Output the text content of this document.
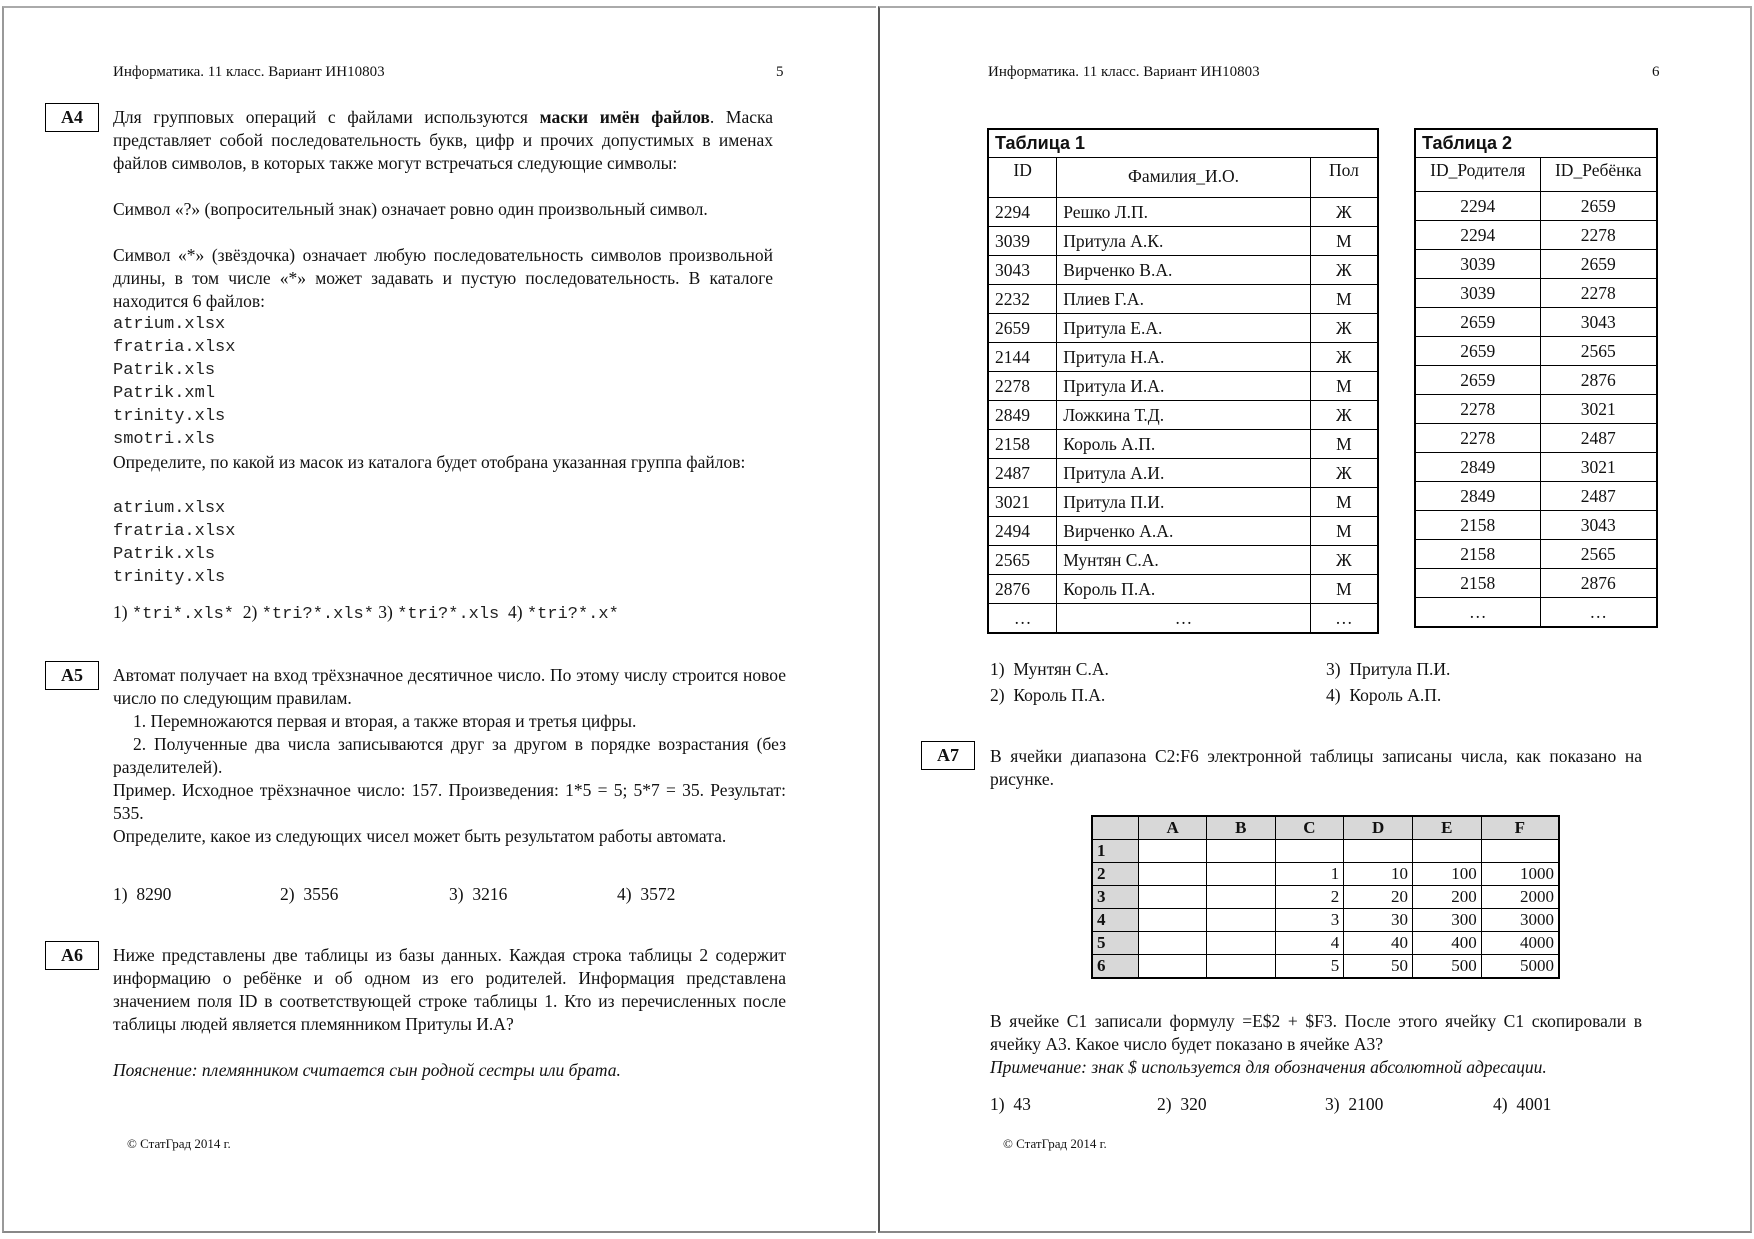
Информатика. 11 класс. Вариант ИН10803	5
A4	Для групповых операций с файлами используются маски имён файлов. Маска представляет собой последовательность букв, цифр и прочих допустимых в именах файлов символов, в которых также могут встречаться следующие символы:
Символ «?» (вопросительный знак) означает ровно один произвольный символ.
Символ «*» (звёздочка) означает любую последовательность символов произвольной длины, в том числе «*» может задавать и пустую последовательность. В каталоге находится 6 файлов:
atrium.xlsx
fratria.xlsx
Patrik.xls
Patrik.xml
trinity.xls
smotri.xls
Определите, по какой из масок из каталога будет отобрана указанная группа файлов:
atrium.xlsx
fratria.xlsx
Patrik.xls
trinity.xls
1) *tri*.xls* 2) *tri?*.xls* 3) *tri?*.xls 4) *tri?*.x*
A5	Автомат получает на вход трёхзначное десятичное число. По этому числу строится новое число по следующим правилам.
1. Перемножаются первая и вторая, а также вторая и третья цифры.
2. Полученные два числа записываются друг за другом в порядке возрастания (без разделителей).
Пример. Исходное трёхзначное число: 157. Произведения: 1*5 = 5; 5*7 = 35. Результат: 535.
Определите, какое из следующих чисел может быть результатом работы автомата.
1) 8290	2) 3556	3) 3216	4) 3572
A6	Ниже представлены две таблицы из базы данных. Каждая строка таблицы 2 содержит информацию о ребёнке и об одном из его родителей. Информация представлена значением поля ID в соответствующей строке таблицы 1. Кто из перечисленных после таблицы людей является племянником Притулы И.А?
Пояснение: племянником считается сын родной сестры или брата.
© СтатГрад 2014 г.
Информатика. 11 класс. Вариант ИН10803	6
Таблица 1		
ID	Фамилия_И.О.	Пол
2294	Решко Л.П.	Ж
3039	Притула А.К.	М
3043	Вирченко В.А.	Ж
2232	Плиев Г.А.	М
2659	Притула Е.А.	Ж
2144	Притула Н.А.	Ж
2278	Притула И.А.	М
2849	Ложкина Т.Д.	Ж
2158	Король А.П.	М
2487	Притула А.И.	Ж
3021	Притула П.И.	М
2494	Вирченко А.А.	М
2565	Мунтян С.А.	Ж
2876	Король П.А.	М
…	…	…
Таблица 2	
ID_Родителя	ID_Ребёнка
2294	2659
2294	2278
3039	2659
3039	2278
2659	3043
2659	2565
2659	2876
2278	3021
2278	2487
2849	3021
2849	2487
2158	3043
2158	2565
2158	2876
…	…
1) Мунтян С.А.
2) Король П.А.
3) Притула П.И.
4) Король А.П.
A7	В ячейки диапазона C2:F6 электронной таблицы записаны числа, как показано на рисунке.
	A	B	C	D	E	F
1						
2			1	10	100	1000
3			2	20	200	2000
4			3	30	300	3000
5			4	40	400	4000
6			5	50	500	5000
В ячейке C1 записали формулу =E$2 + $F3. После этого ячейку C1 скопировали в ячейку A3. Какое число будет показано в ячейке A3?
Примечание: знак $ используется для обозначения абсолютной адресации.
1) 43	2) 320	3) 2100	4) 4001
© СтатГрад 2014 г.
